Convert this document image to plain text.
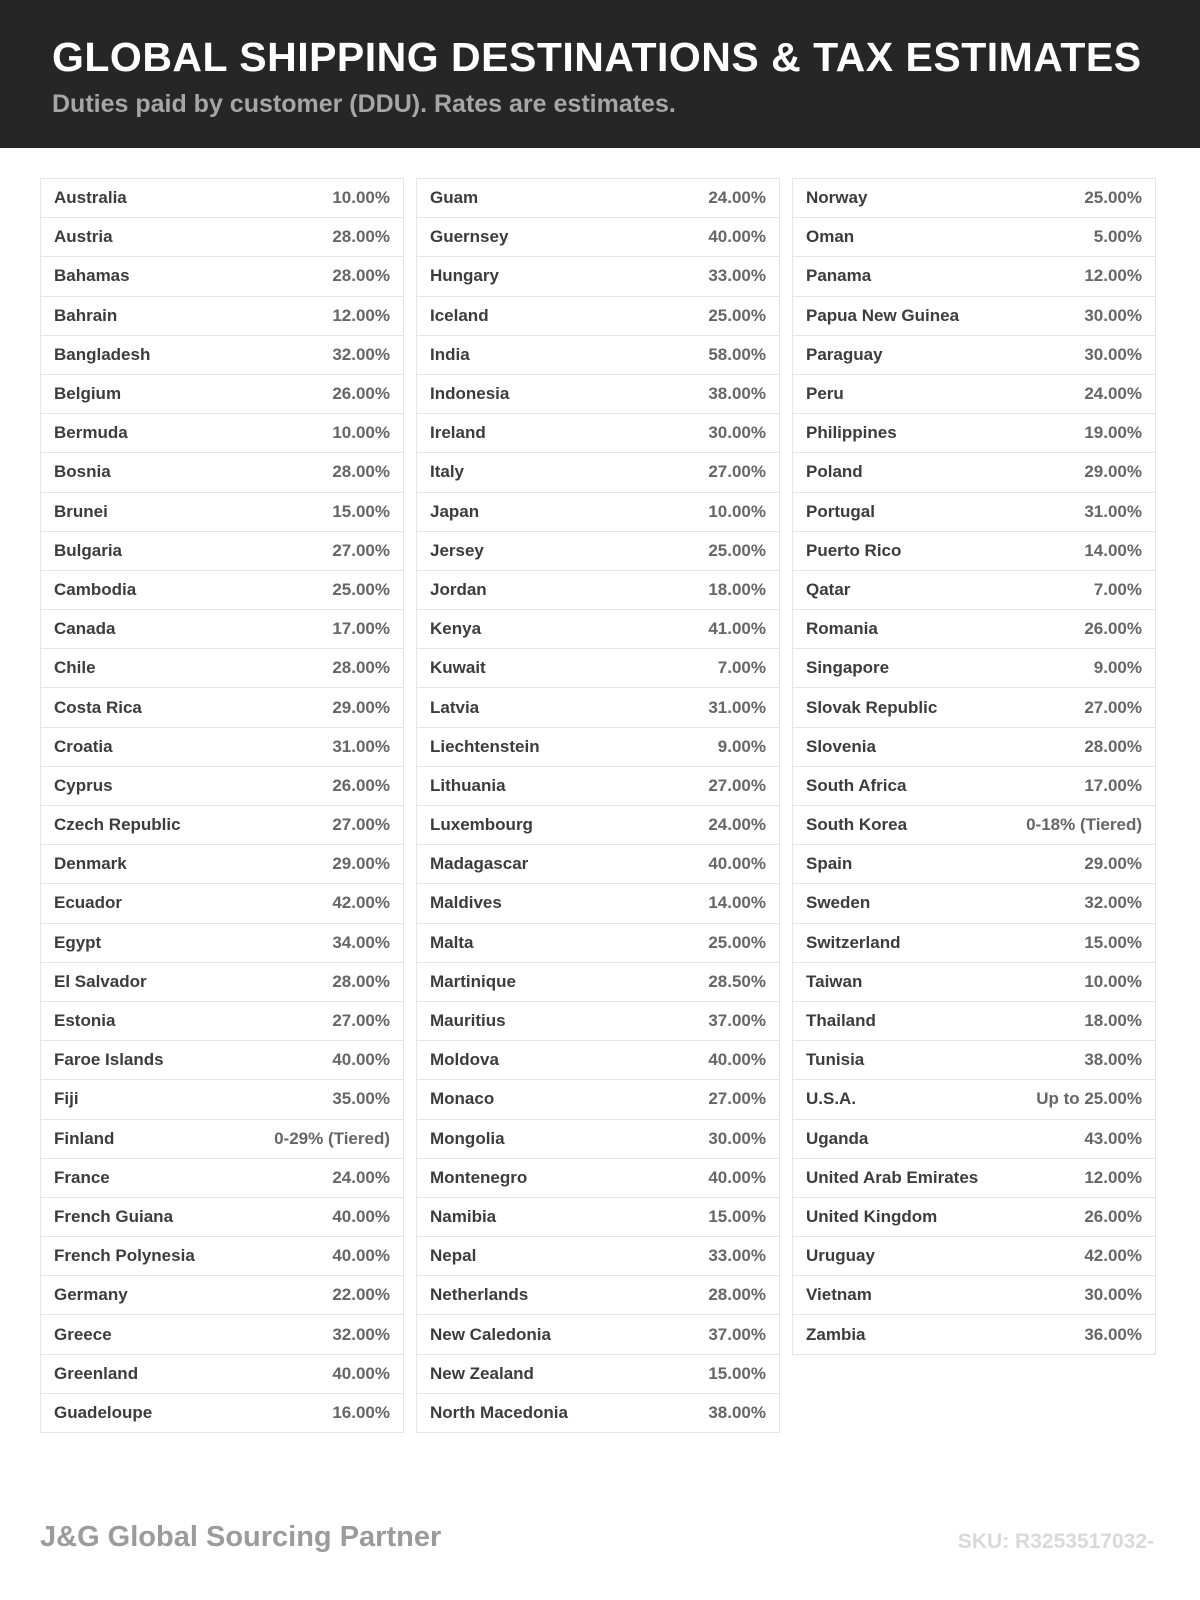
GLOBAL SHIPPING DESTINATIONS & TAX ESTIMATES

Duties paid by customer (DDU). Rates are estimates.

Australia	10.00%
Austria	28.00%
Bahamas	28.00%
Bahrain	12.00%
Bangladesh	32.00%
Belgium	26.00%
Bermuda	10.00%
Bosnia	28.00%
Brunei	15.00%
Bulgaria	27.00%
Cambodia	25.00%
Canada	17.00%
Chile	28.00%
Costa Rica	29.00%
Croatia	31.00%
Cyprus	26.00%
Czech Republic	27.00%
Denmark	29.00%
Ecuador	42.00%
Egypt	34.00%
El Salvador	28.00%
Estonia	27.00%
Faroe Islands	40.00%
Fiji	35.00%
Finland	0-29% (Tiered)
France	24.00%
French Guiana	40.00%
French Polynesia	40.00%
Germany	22.00%
Greece	32.00%
Greenland	40.00%
Guadeloupe	16.00%
Guam	24.00%
Guernsey	40.00%
Hungary	33.00%
Iceland	25.00%
India	58.00%
Indonesia	38.00%
Ireland	30.00%
Italy	27.00%
Japan	10.00%
Jersey	25.00%
Jordan	18.00%
Kenya	41.00%
Kuwait	7.00%
Latvia	31.00%
Liechtenstein	9.00%
Lithuania	27.00%
Luxembourg	24.00%
Madagascar	40.00%
Maldives	14.00%
Malta	25.00%
Martinique	28.50%
Mauritius	37.00%
Moldova	40.00%
Monaco	27.00%
Mongolia	30.00%
Montenegro	40.00%
Namibia	15.00%
Nepal	33.00%
Netherlands	28.00%
New Caledonia	37.00%
New Zealand	15.00%
North Macedonia	38.00%
Norway	25.00%
Oman	5.00%
Panama	12.00%
Papua New Guinea	30.00%
Paraguay	30.00%
Peru	24.00%
Philippines	19.00%
Poland	29.00%
Portugal	31.00%
Puerto Rico	14.00%
Qatar	7.00%
Romania	26.00%
Singapore	9.00%
Slovak Republic	27.00%
Slovenia	28.00%
South Africa	17.00%
South Korea	0-18% (Tiered)
Spain	29.00%
Sweden	32.00%
Switzerland	15.00%
Taiwan	10.00%
Thailand	18.00%
Tunisia	38.00%
U.S.A.	Up to 25.00%
Uganda	43.00%
United Arab Emirates	12.00%
United Kingdom	26.00%
Uruguay	42.00%
Vietnam	30.00%
Zambia	36.00%
J&G Global Sourcing Partner	SKU: R3253517032-
